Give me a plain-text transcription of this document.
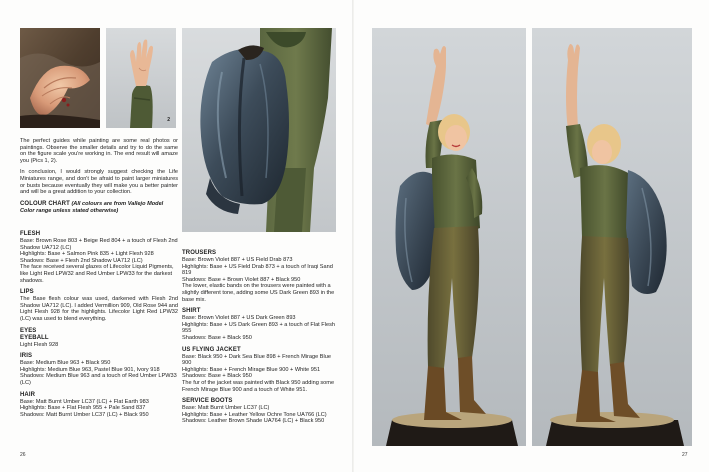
2

The perfect guides while painting are some real photos or paintings. Observe the smaller details and try to do the same on the figure scale you're working in. The end result will amaze you (Pics 1, 2).

In conclusion, I would strongly suggest checking the Life Miniatures range, and don't be afraid to paint larger miniatures or busts because eventually they will make you a better painter and will be a great addition to your collection.

COLOUR CHART (All colours are from Vallejo Model Color range unless stated otherwise)
FLESH
Base: Brown Rose 803 + Beige Red 804 + a touch of Flesh 2nd Shadow UA712 (LC)
Highlights: Base + Salmon Pink 835 + Light Flesh 928
Shadows: Base + Flesh 2nd Shadow UA712 (LC)
The face received several glazes of Lifecolor Liquid Pigments, like Light Red LPW32 and Red Umber LPW33 for the darkest shadows.
LIPS
The Base flesh colour was used, darkened with Flesh 2nd Shadow UA712 (LC). I added Vermillion 909, Old Rose 944 and Light Flesh 928 for the highlights. Lifecolor Light Red LPW32 (LC) was used to blend everything.
EYES
EYEBALL
Light Flesh 928
IRIS
Base: Medium Blue 963 + Black 950
Highlights: Medium Blue 963, Pastel Blue 901, Ivory 918
Shadows: Medium Blue 963 and a touch of Red Umber LPW33 (LC)
HAIR
Base: Matt Burnt Umber LC37 (LC) + Flat Earth 983
Highlights: Base + Flat Flesh 955 + Pale Sand 837
Shadows: Matt Burnt Umber LC37 (LC) + Black 950
TROUSERS
Base: Brown Violet 887 + US Field Drab 873
Highlights: Base + US Field Drab 873 + a touch of Iraqi Sand 819
Shadows: Base + Brown Violet 887 + Black 950
The lower, elastic bands on the trousers were painted with a slightly different tone, adding some US Dark Green 893 in the base mix.
SHIRT
Base: Brown Violet 887 + US Dark Green 893
Highlights: Base + US Dark Green 893 + a touch of Flat Flesh 955
Shadows: Base + Black 950
US FLYING JACKET
Base: Black 950 + Dark Sea Blue 898 + French Mirage Blue 900
Highlights: Base + French Mirage Blue 900 + White 951
Shadows: Base + Black 950
The fur of the jacket was painted with Black 950 adding some French Mirage Blue 900 and a touch of White 951.
SERVICE BOOTS
Base: Matt Burnt Umber LC37 (LC)
Highlights: Base + Leather Yellow Ochre Tone UA766 (LC)
Shadows: Leather Brown Shade UA764 (LC) + Black 950
26	27
